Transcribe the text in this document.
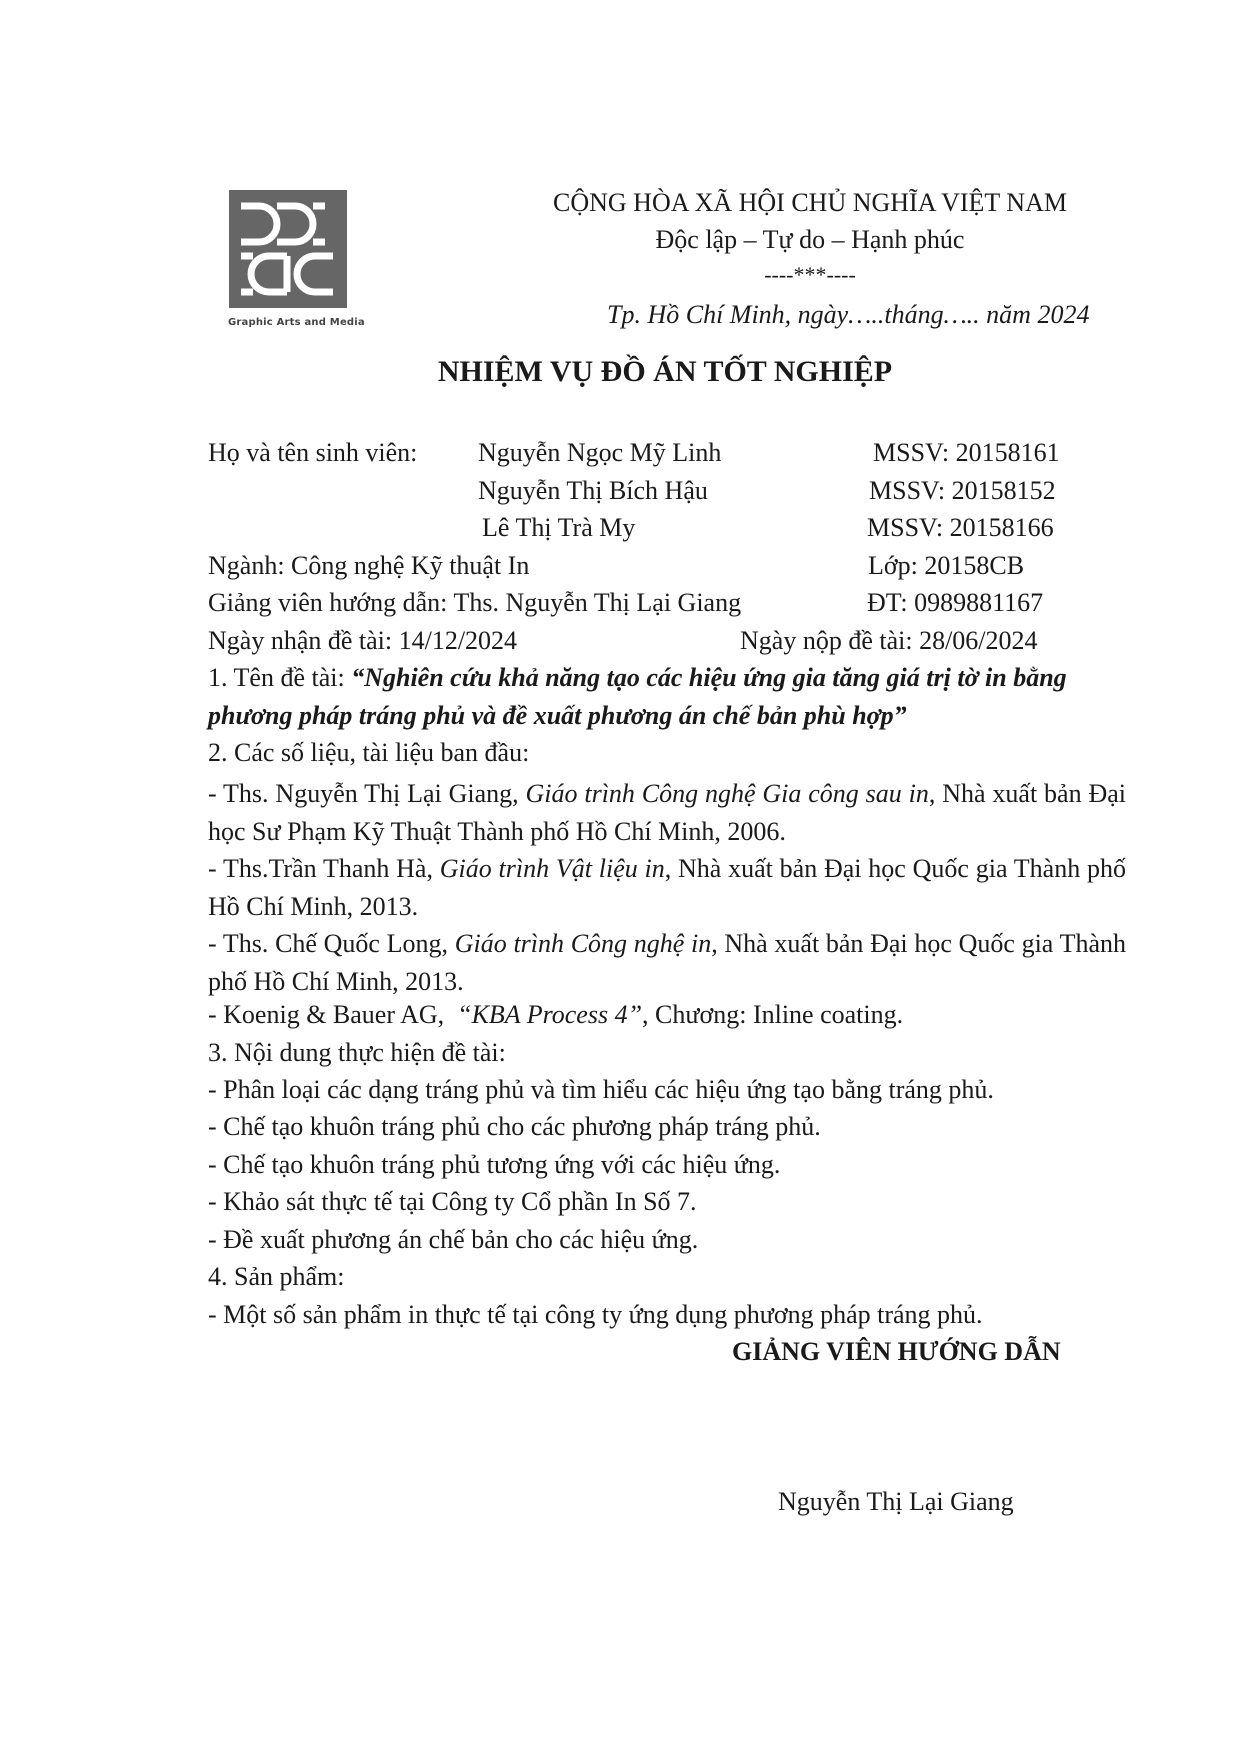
Graphic Arts and Media
CỘNG HÒA XÃ HỘI CHỦ NGHĨA VIỆT NAM
Độc lập – Tự do – Hạnh phúc
----***----
Tp. Hồ Chí Minh, ngày…..tháng….. năm 2024
NHIỆM VỤ ĐỒ ÁN TỐT NGHIỆP
Họ và tên sinh viên: Nguyễn Ngọc Mỹ Linh	MSSV: 20158161
Nguyễn Thị Bích Hậu	MSSV: 20158152
Lê Thị Trà My	MSSV: 20158166
Ngành: Công nghệ Kỹ thuật In	Lớp: 20158CB
Giảng viên hướng dẫn: Ths. Nguyễn Thị Lại Giang	ĐT: 0989881167
Ngày nhận đề tài: 14/12/2024	Ngày nộp đề tài: 28/06/2024
1. Tên đề tài: “Nghiên cứu khả năng tạo các hiệu ứng gia tăng giá trị tờ in bằng
phương pháp tráng phủ và đề xuất phương án chế bản phù hợp”
2. Các số liệu, tài liệu ban đầu:
- Ths. Nguyễn Thị Lại Giang, Giáo trình Công nghệ Gia công sau in, Nhà xuất bản Đại học Sư Phạm Kỹ Thuật Thành phố Hồ Chí Minh, 2006.
- Ths.Trần Thanh Hà, Giáo trình Vật liệu in, Nhà xuất bản Đại học Quốc gia Thành phố Hồ Chí Minh, 2013.
- Ths. Chế Quốc Long, Giáo trình Công nghệ in, Nhà xuất bản Đại học Quốc gia Thành phố Hồ Chí Minh, 2013.
- Koenig & Bauer AG,  “KBA Process 4”, Chương: Inline coating.
3. Nội dung thực hiện đề tài:
- Phân loại các dạng tráng phủ và tìm hiểu các hiệu ứng tạo bằng tráng phủ.
- Chế tạo khuôn tráng phủ cho các phương pháp tráng phủ.
- Chế tạo khuôn tráng phủ tương ứng với các hiệu ứng.
- Khảo sát thực tế tại Công ty Cổ phần In Số 7.
- Đề xuất phương án chế bản cho các hiệu ứng.
4. Sản phẩm:
- Một số sản phẩm in thực tế tại công ty ứng dụng phương pháp tráng phủ.
GIẢNG VIÊN HƯỚNG DẪN
Nguyễn Thị Lại Giang
